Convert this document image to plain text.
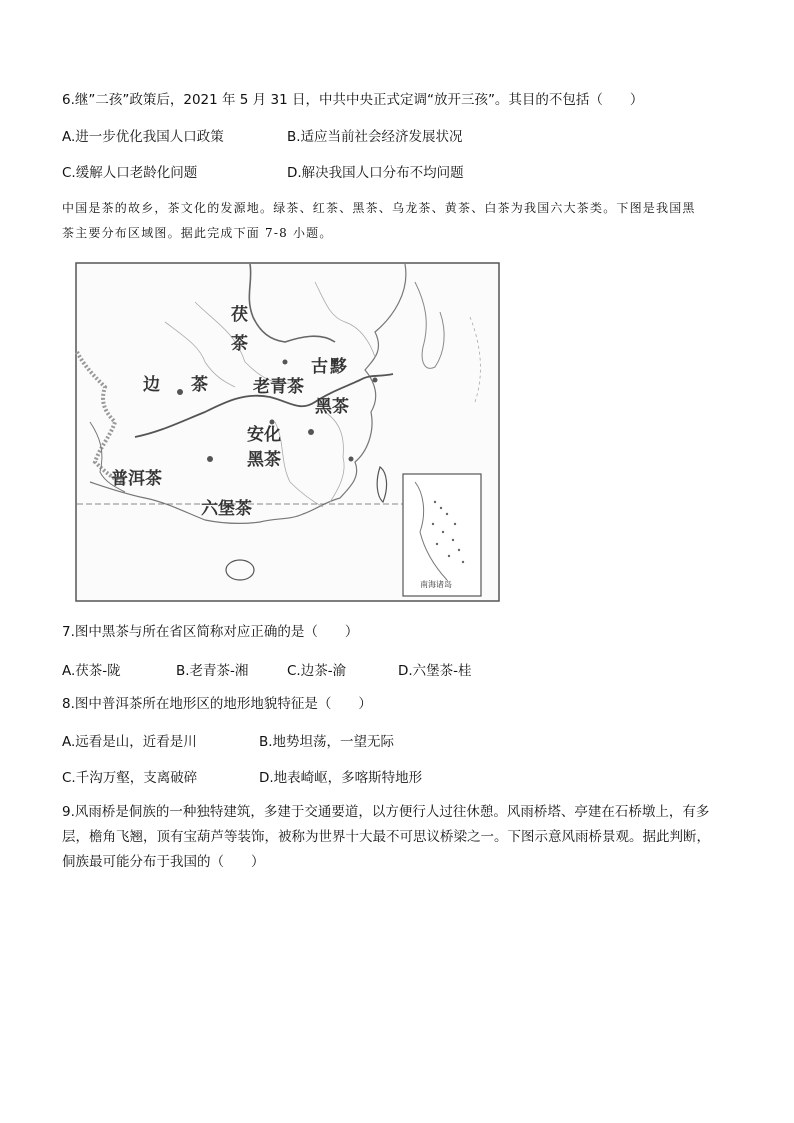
6.继”二孩”政策后，2021 年 5 月 31 日，中共中央正式定调“放开三孩”。其目的不包括（　　）
A.进一步优化我国人口政策	B.适应当前社会经济发展状况
C.缓解人口老龄化问题	D.解决我国人口分布不均问题
中国是茶的故乡，茶文化的发源地。绿茶、红茶、黑茶、乌龙茶、黄茶、白茶为我国六大茶类。下图是我国黑
茶主要分布区域图。据此完成下面 7-8 小题。
南海诸岛
茯
茶
边 茶	老青茶
古 黟
黑茶
安化
黑茶
普洱茶
六堡茶
7.图中黑茶与所在省区简称对应正确的是（　　）
A.茯茶-陇	B.老青茶-湘	C.边茶-渝	D.六堡茶-桂
8.图中普洱茶所在地形区的地形地貌特征是（　　）
A.远看是山，近看是川	B.地势坦荡，一望无际
C.千沟万壑，支离破碎	D.地表崎岖，多喀斯特地形
9.风雨桥是侗族的一种独特建筑，多建于交通要道，以方便行人过往休憩。风雨桥塔、亭建在石桥墩上，有多
层，檐角飞翘，顶有宝葫芦等装饰，被称为世界十大最不可思议桥梁之一。下图示意风雨桥景观。据此判断，
侗族最可能分布于我国的（　　）
